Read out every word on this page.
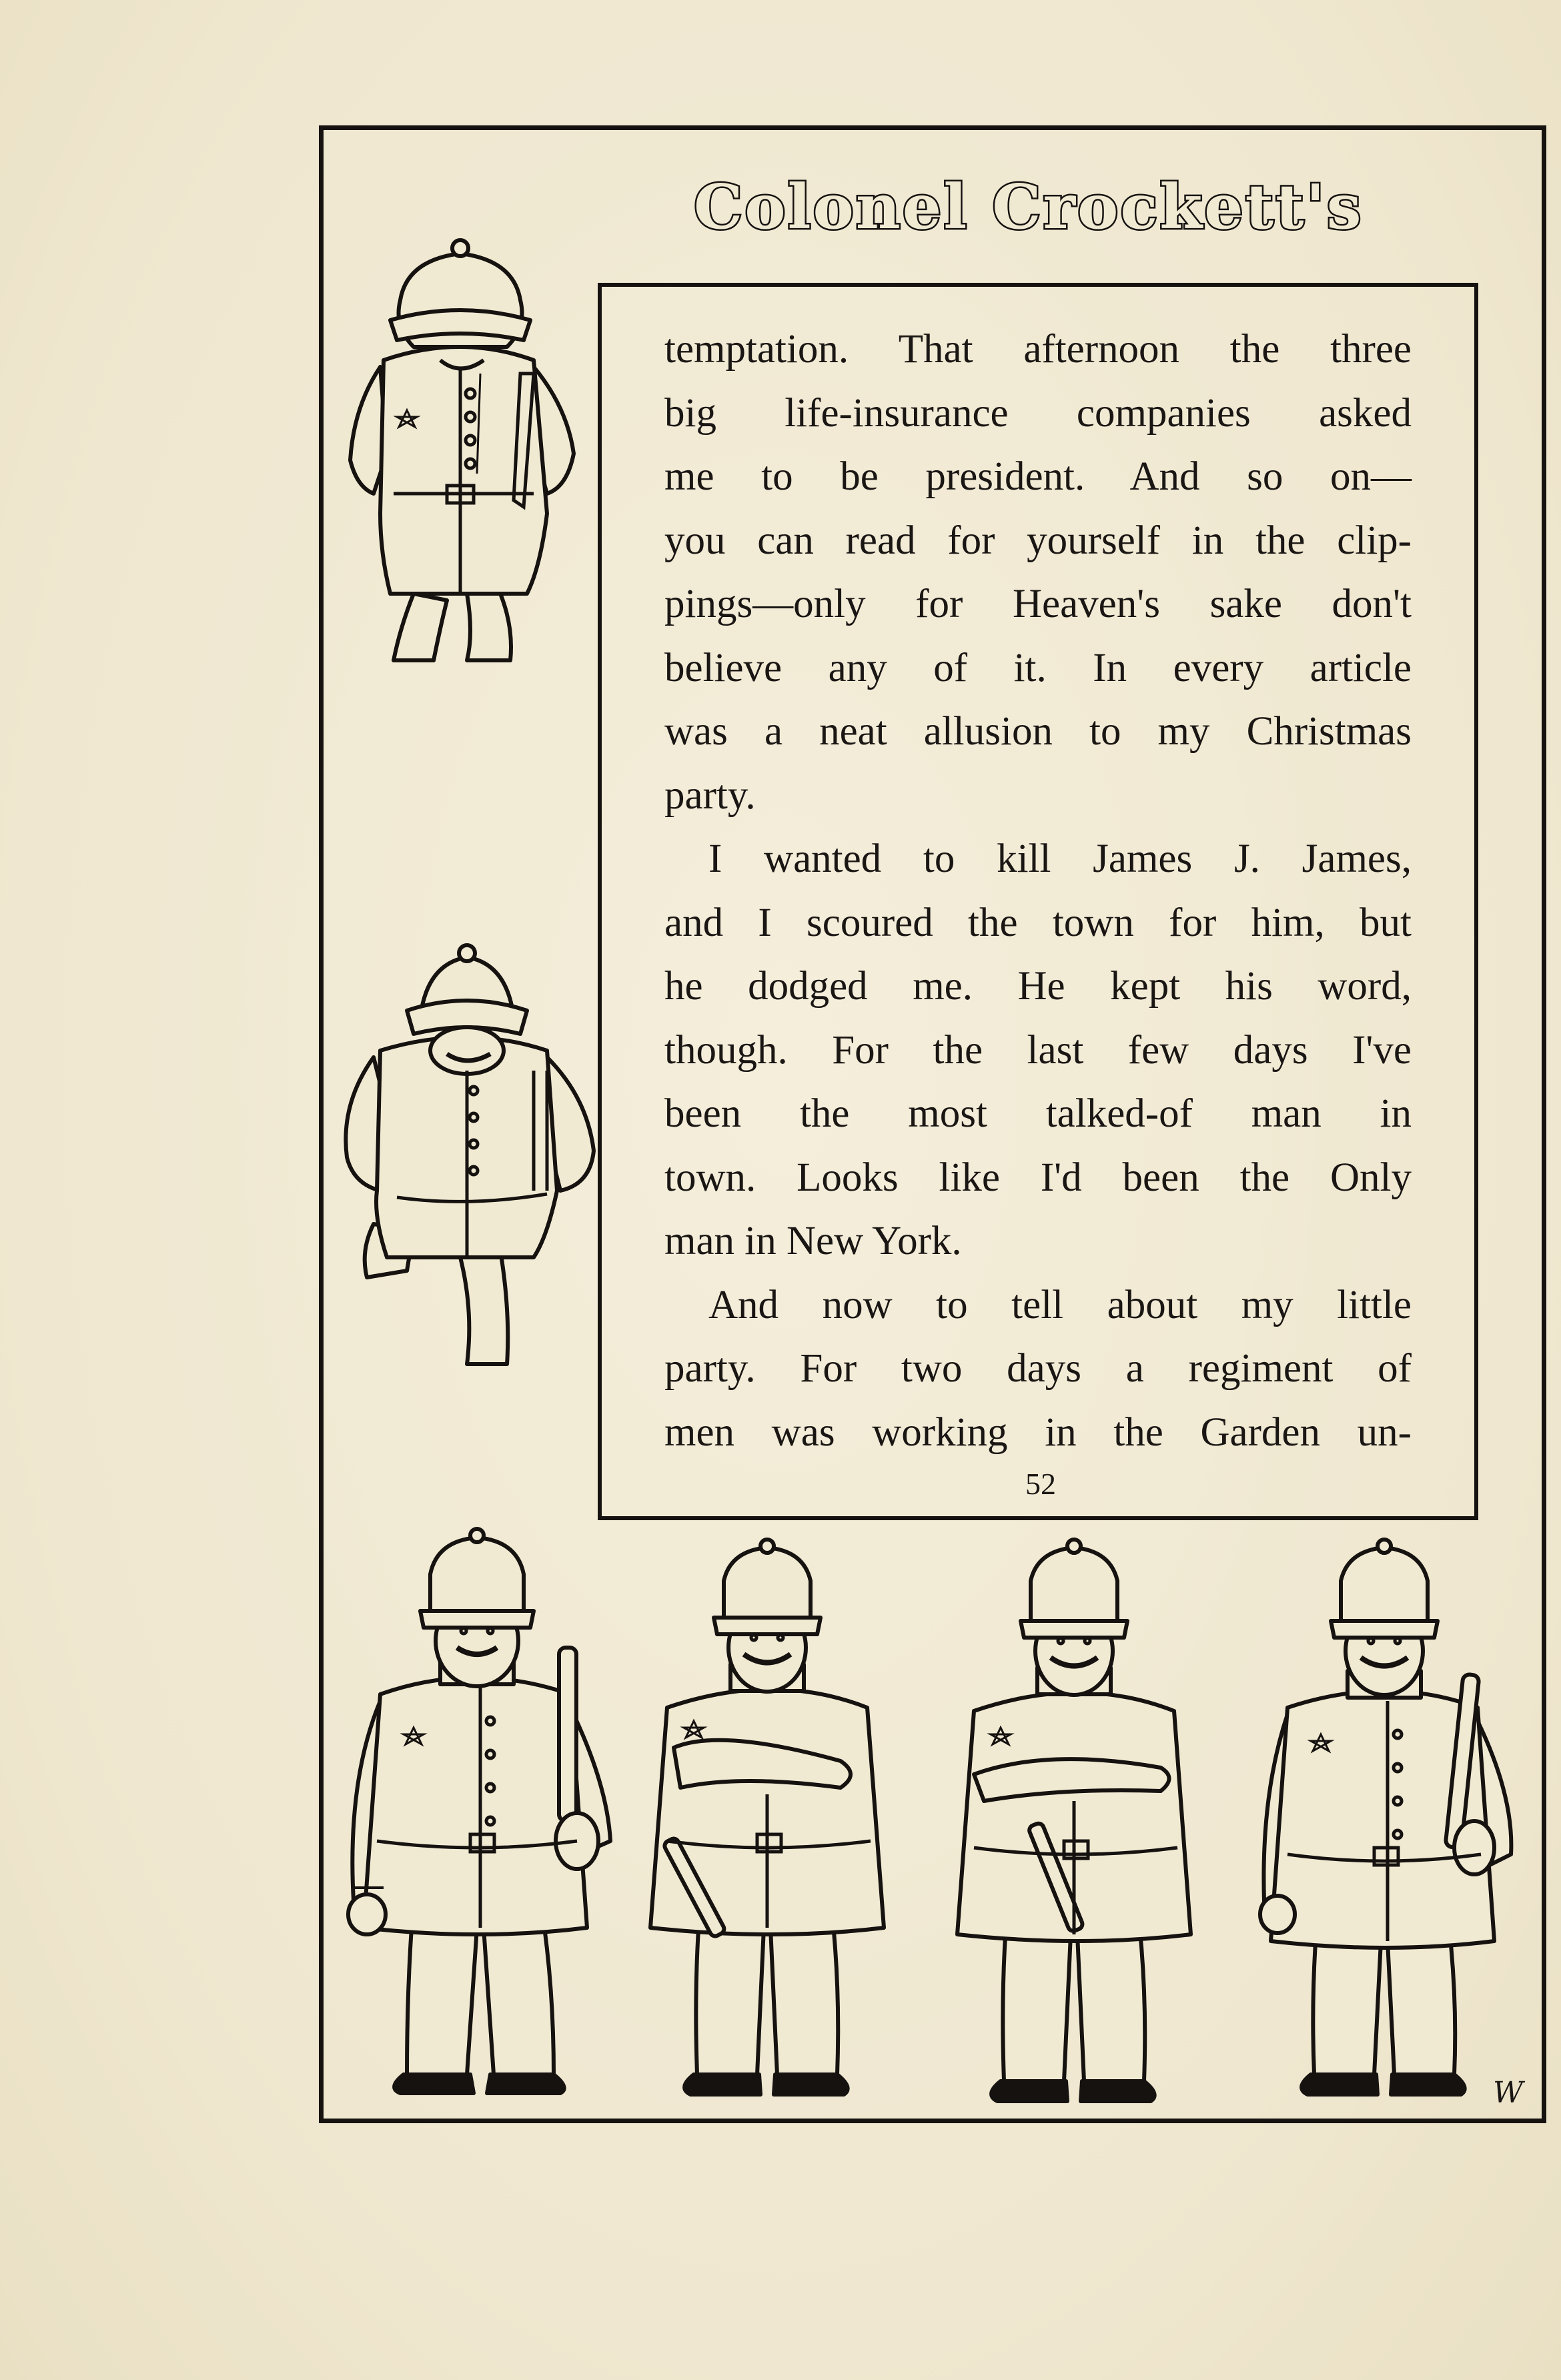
Colonel Crockett's
temptation. That afternoon the three
big life-insurance companies asked
me to be president. And so on—
you can read for yourself in the clip-
pings—only for Heaven's sake don't
believe any of it. In every article
was a neat allusion to my Christmas
party.
I wanted to kill James J. James,
and I scoured the town for him, but
he dodged me. He kept his word,
though. For the last few days I've
been the most talked-of man in
town. Looks like I'd been the Only
man in New York.
And now to tell about my little
party. For two days a regiment of
men was working in the Garden un-
52
W
